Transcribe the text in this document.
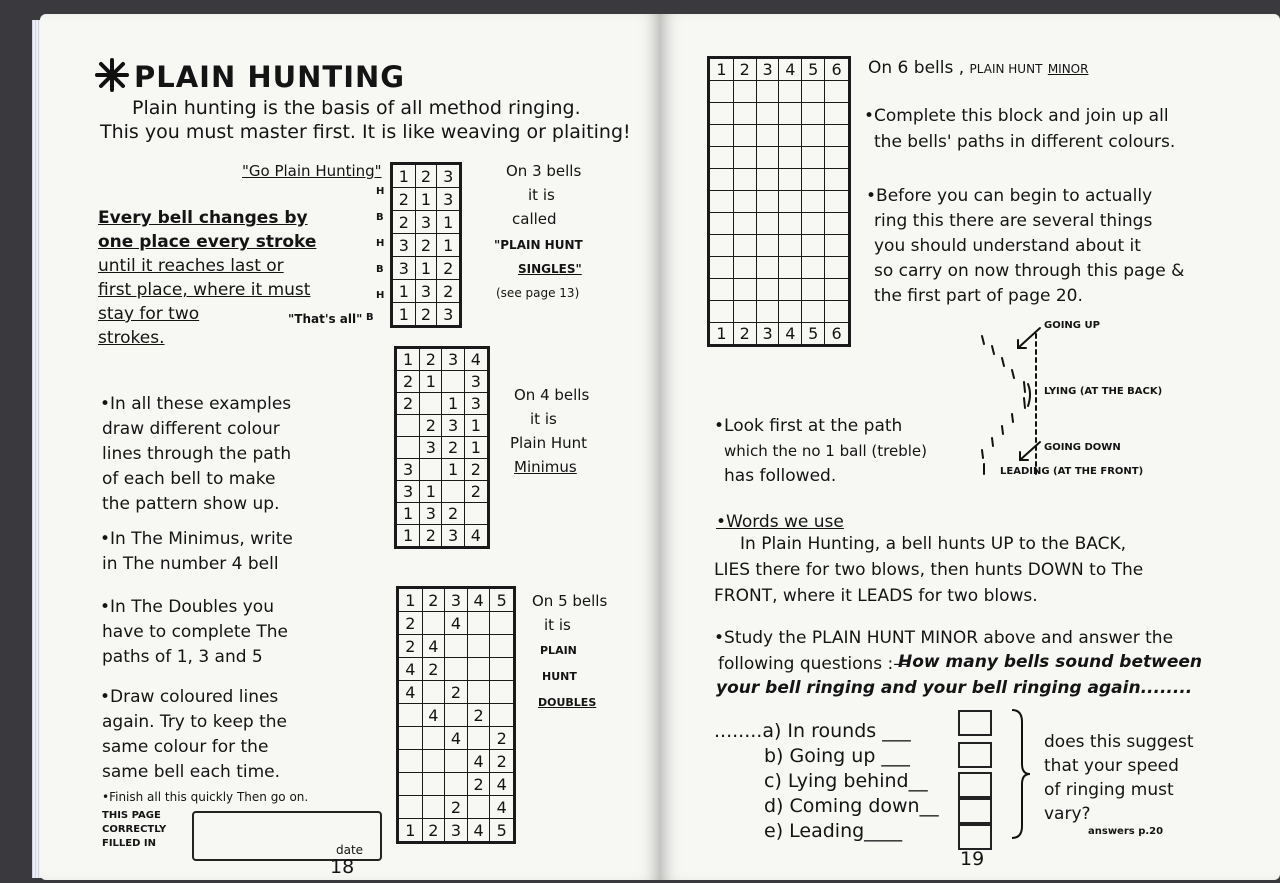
PLAIN HUNTING
Plain hunting is the basis of all method ringing.
This you must master first. It is like weaving or plaiting!
"Go Plain Hunting"
Every bell changes by
one place every stroke
until it reaches last or
first place, where it must
stay for two
strokes.
"That's all"
H
B
H
B
H
B
1	2	3
2	1	3
2	3	1
3	2	1
3	1	2
1	3	2
1	2	3
On 3 bells
it is
called
"PLAIN HUNT
SINGLES"
(see page 13)
1	2	3	4
2	1		3
2		1	3
	2	3	1
	3	2	1
3		1	2
3	1		2
1	3	2	
1	2	3	4
On 4 bells
it is
Plain Hunt
Minimus
•In all these examples
draw different colour
lines through the path
of each bell to make
the pattern show up.
•In The Minimus, write
in The number 4 bell
1	2	3	4	5
2		4		
2	4			
4	2			
4		2		
	4		2	
		4		2
			4	2
			2	4
		2		4
1	2	3	4	5
On 5 bells
it is
PLAIN
HUNT
DOUBLES
•In The Doubles you
have to complete The
paths of 1, 3 and 5
•Draw coloured lines
again. Try to keep the
same colour for the
same bell each time.
•Finish all this quickly Then go on.
THIS PAGE
CORRECTLY
FILLED IN	date
18
1	2	3	4	5	6

1	2	3	4	5	6
On 6 bells , PLAIN HUNT MINOR
•Complete this block and join up all
the bells' paths in different colours.
•Before you can begin to actually
ring this there are several things
you should understand about it
so carry on now through this page &
the first part of page 20.
GOING UP
LYING (AT THE BACK)
GOING DOWN
LEADING (AT THE FRONT)
•Look first at the path
which the no 1 ball (treble)
has followed.
•Words we use
In Plain Hunting, a bell hunts UP to the BACK,
LIES there for two blows, then hunts DOWN to The
FRONT, where it LEADS for two blows.
•Study the PLAIN HUNT MINOR above and answer the
following questions :—
How many bells sound between
your bell ringing and your bell ringing again........
........a) In rounds ___
b) Going up ___
c) Lying behind__
d) Coming down__
e) Leading____
does this suggest
that your speed
of ringing must
vary?
answers p.20
19
